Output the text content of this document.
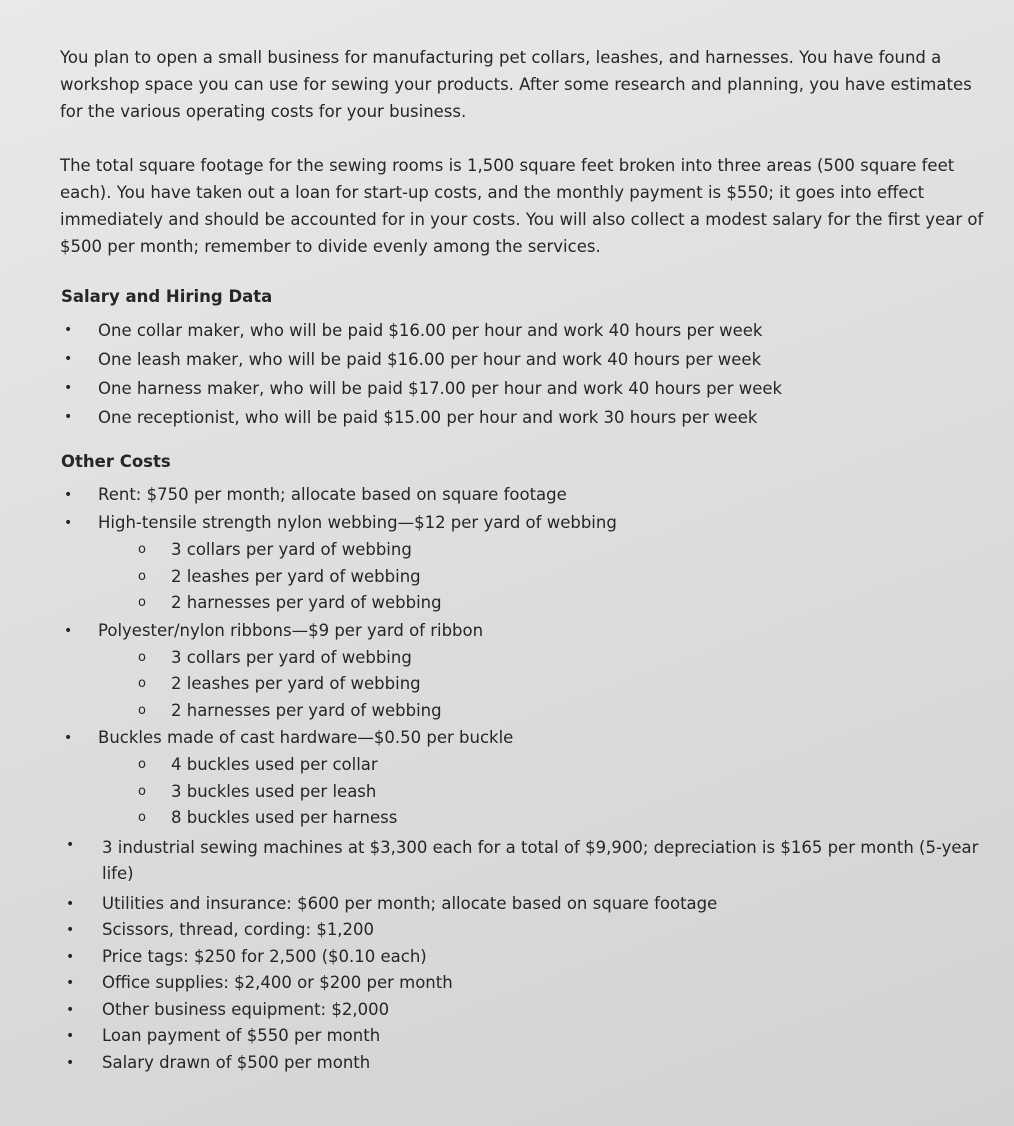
You plan to open a small business for manufacturing pet collars, leashes, and harnesses. You have found a workshop space you can use for sewing your products. After some research and planning, you have estimates for the various operating costs for your business.

The total square footage for the sewing rooms is 1,500 square feet broken into three areas (500 square feet each). You have taken out a loan for start-up costs, and the monthly payment is $550; it goes into effect immediately and should be accounted for in your costs. You will also collect a modest salary for the first year of $500 per month; remember to divide evenly among the services.

Salary and Hiring Data
• One collar maker, who will be paid $16.00 per hour and work 40 hours per week
• One leash maker, who will be paid $16.00 per hour and work 40 hours per week
• One harness maker, who will be paid $17.00 per hour and work 40 hours per week
• One receptionist, who will be paid $15.00 per hour and work 30 hours per week
Other Costs
• Rent: $750 per month; allocate based on square footage
• High-tensile strength nylon webbing—$12 per yard of webbing
o 3 collars per yard of webbing
o 2 leashes per yard of webbing
o 2 harnesses per yard of webbing
• Polyester/nylon ribbons—$9 per yard of ribbon
o 3 collars per yard of webbing
o 2 leashes per yard of webbing
o 2 harnesses per yard of webbing
• Buckles made of cast hardware—$0.50 per buckle
o 4 buckles used per collar
o 3 buckles used per leash
o 8 buckles used per harness
• 3 industrial sewing machines at $3,300 each for a total of $9,900; depreciation is $165 per month (5-year life)
• Utilities and insurance: $600 per month; allocate based on square footage
• Scissors, thread, cording: $1,200
• Price tags: $250 for 2,500 ($0.10 each)
• Office supplies: $2,400 or $200 per month
• Other business equipment: $2,000
• Loan payment of $550 per month
• Salary drawn of $500 per month
